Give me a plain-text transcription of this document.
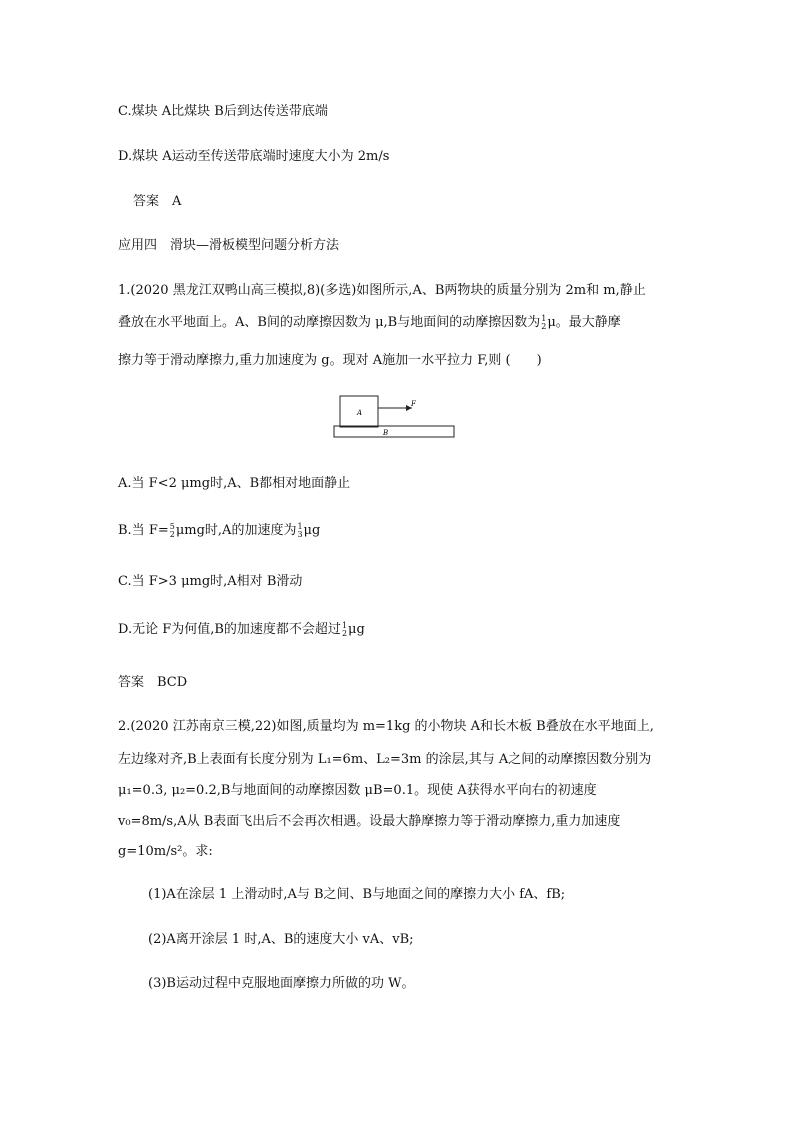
C.煤块 A比煤块 B后到达传送带底端
D.煤块 A运动至传送带底端时速度大小为 2m/s
答案　A
应用四　滑块—滑板模型问题分析方法
1.(2020 黑龙江双鸭山高三模拟,8)(多选)如图所示,A、B两物块的质量分别为 2m和 m,静止
叠放在水平地面上。A、B间的动摩擦因数为 μ,B与地面间的动摩擦因数为 1
2 μ。最大静摩
擦力等于滑动摩擦力,重力加速度为 g。现对 A施加一水平拉力 F,则 (　　)
A
B
F
A.当 F<2 μmg时,A、B都相对地面静止
B.当 F= 5
2 μmg时,A的加速度为 1
3 μg
C.当 F>3 μmg时,A相对 B滑动
D.无论 F为何值,B的加速度都不会超过 1
2 μg
答案　BCD
2.(2020 江苏南京三模,22)如图,质量均为 m=1kg 的小物块 A和长木板 B叠放在水平地面上,
左边缘对齐,B上表面有长度分别为 L₁=6m、L₂=3m 的涂层,其与 A之间的动摩擦因数分别为
μ₁=0.3, μ₂=0.2,B与地面间的动摩擦因数 μB=0.1。现使 A获得水平向右的初速度
v₀=8m/s,A从 B表面飞出后不会再次相遇。设最大静摩擦力等于滑动摩擦力,重力加速度
g=10m/s²。求:
(1)A在涂层 1 上滑动时,A与 B之间、B与地面之间的摩擦力大小 fA、fB;
(2)A离开涂层 1 时,A、B的速度大小 vA、vB;
(3)B运动过程中克服地面摩擦力所做的功 W。
